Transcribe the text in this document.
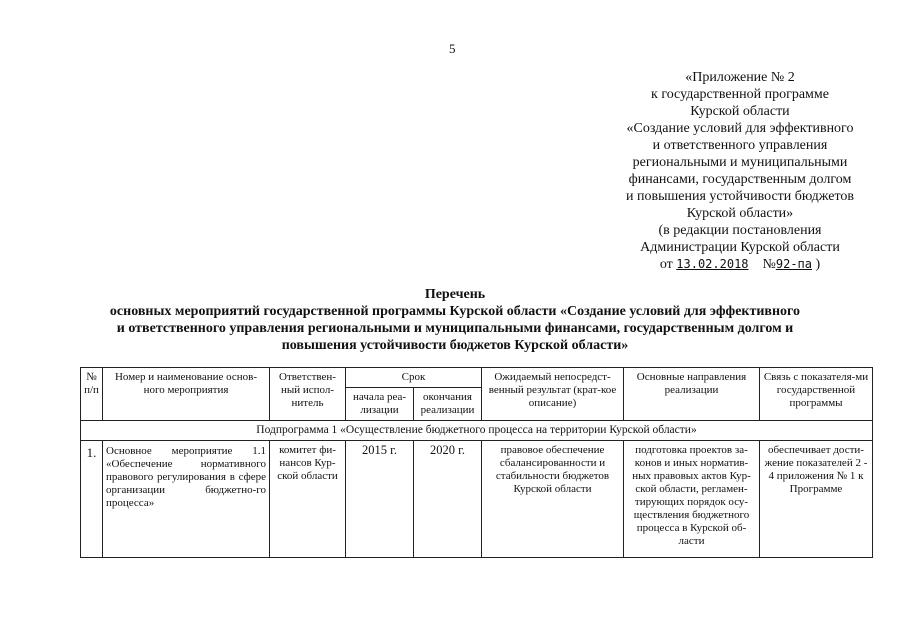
5
«Приложение № 2
к государственной программе
Курской области
«Создание условий для эффективного
и ответственного управления
региональными и муниципальными
финансами, государственным долгом
и повышения устойчивости бюджетов
Курской области»
(в редакции постановления
Администрации Курской области
от 13.02.2018 №92-па )
Перечень
основных мероприятий государственной программы Курской области «Создание условий для эффективного
и ответственного управления региональными и муниципальными финансами, государственным долгом и
повышения устойчивости бюджетов Курской области»
№ п/п	Номер и наименование основ-ного мероприятия	Ответствен-ный испол-нитель	Срок		Ожидаемый непосредст-венный результат (крат-кое описание)	Основные направления реализации	Связь с показателя-ми государственной программы
			начала реа-лизации	окончания реализации			
Подпрограмма 1 «Осуществление бюджетного процесса на территории Курской области»							
1.	Основное мероприятие 1.1 «Обеспечение нормативного правового регулирования в сфере организации бюджетно-го процесса»	комитет фи-нансов Кур-ской области	2015 г.	2020 г.	правовое обеспечение сбалансированности и стабильности бюджетов Курской области	подготовка проектов за-конов и иных норматив-ных правовых актов Кур-ской области, регламен-тирующих порядок осу-ществления бюджетного процесса в Курской об-ласти	обеспечивает дости-жение показателей 2 - 4 приложения № 1 к Программе
